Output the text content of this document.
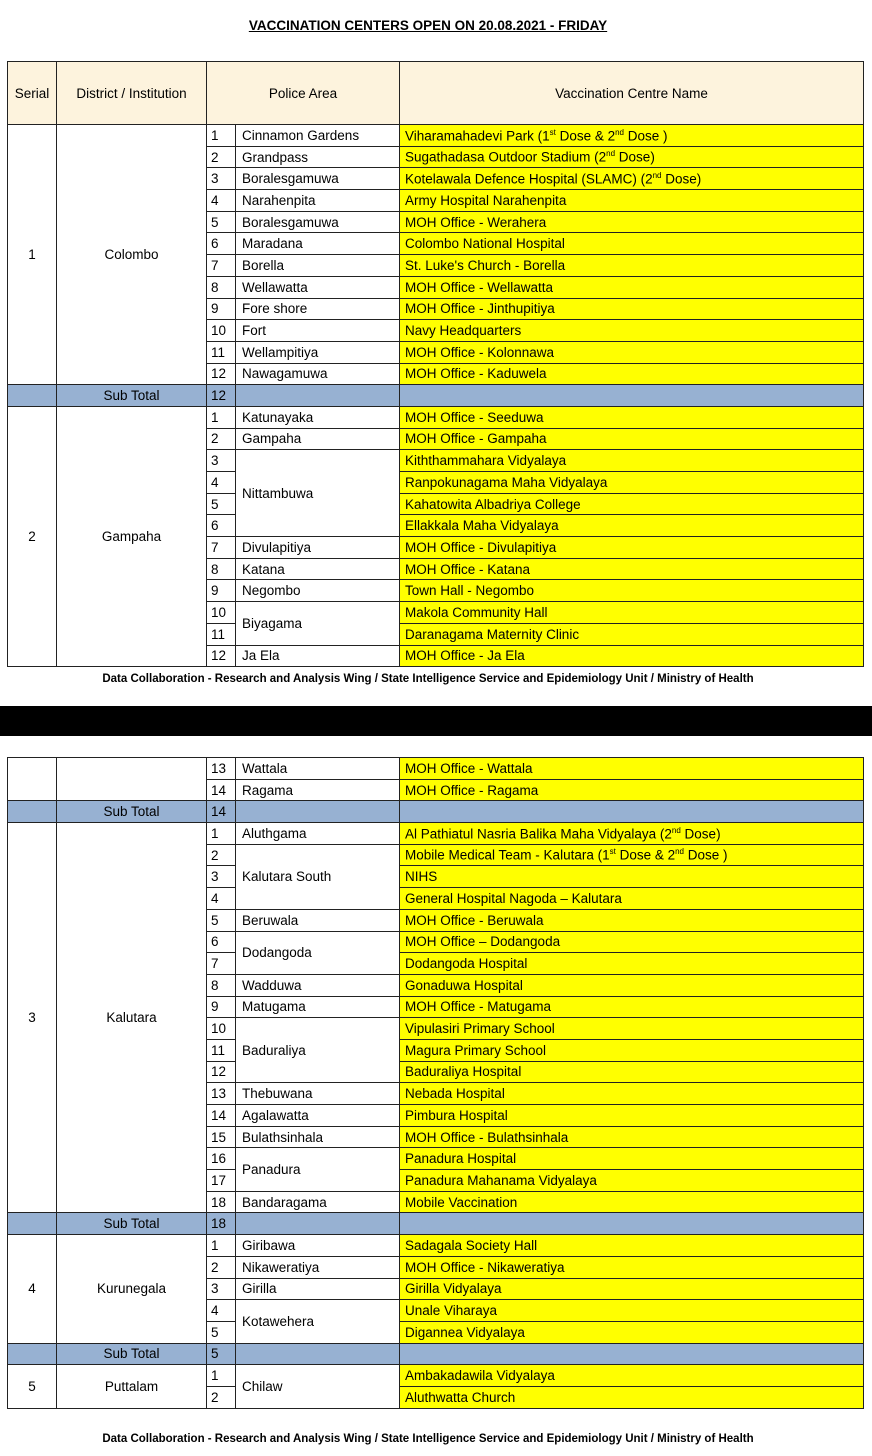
VACCINATION CENTERS OPEN ON 20.08.2021 - FRIDAY
Serial	District / Institution	Police Area		Vaccination Centre Name
1	Colombo	1	Cinnamon Gardens	Viharamahadevi Park (1st Dose & 2nd Dose )
		2	Grandpass	Sugathadasa Outdoor Stadium (2nd Dose)
		3	Boralesgamuwa	Kotelawala Defence Hospital (SLAMC) (2nd Dose)
		4	Narahenpita	Army Hospital Narahenpita
		5	Boralesgamuwa	MOH Office - Werahera
		6	Maradana	Colombo National Hospital
		7	Borella	St. Luke's Church - Borella
		8	Wellawatta	MOH Office - Wellawatta
		9	Fore shore	MOH Office - Jinthupitiya
		10	Fort	Navy Headquarters
		11	Wellampitiya	MOH Office - Kolonnawa
		12	Nawagamuwa	MOH Office - Kaduwela
	Sub Total	12		
2	Gampaha	1	Katunayaka	MOH Office - Seeduwa
		2	Gampaha	MOH Office - Gampaha
		3	Nittambuwa	Kiththammahara Vidyalaya
		4		Ranpokunagama Maha Vidyalaya
		5		Kahatowita Albadriya College
		6		Ellakkala Maha Vidyalaya
		7	Divulapitiya	MOH Office - Divulapitiya
		8	Katana	MOH Office - Katana
		9	Negombo	Town Hall - Negombo
		10	Biyagama	Makola Community Hall
		11		Daranagama Maternity Clinic
		12	Ja Ela	MOH Office - Ja Ela
Data Collaboration - Research and Analysis Wing / State Intelligence Service and Epidemiology Unit / Ministry of Health
		13	Wattala	MOH Office - Wattala
		14	Ragama	MOH Office - Ragama
	Sub Total	14		
3	Kalutara	1	Aluthgama	Al Pathiatul Nasria Balika Maha Vidyalaya (2nd Dose)
		2	Kalutara South	Mobile Medical Team - Kalutara (1st Dose & 2nd Dose )
		3		NIHS
		4		General Hospital Nagoda – Kalutara
		5	Beruwala	MOH Office - Beruwala
		6	Dodangoda	MOH Office – Dodangoda
		7		Dodangoda Hospital
		8	Wadduwa	Gonaduwa Hospital
		9	Matugama	MOH Office - Matugama
		10	Baduraliya	Vipulasiri Primary School
		11		Magura Primary School
		12		Baduraliya Hospital
		13	Thebuwana	Nebada Hospital
		14	Agalawatta	Pimbura Hospital
		15	Bulathsinhala	MOH Office - Bulathsinhala
		16	Panadura	Panadura Hospital
		17		Panadura Mahanama Vidyalaya
		18	Bandaragama	Mobile Vaccination
	Sub Total	18		
4	Kurunegala	1	Giribawa	Sadagala Society Hall
		2	Nikaweratiya	MOH Office - Nikaweratiya
		3	Girilla	Girilla Vidyalaya
		4	Kotawehera	Unale Viharaya
		5		Digannea Vidyalaya
	Sub Total	5		
5	Puttalam	1	Chilaw	Ambakadawila Vidyalaya
		2		Aluthwatta Church
Data Collaboration - Research and Analysis Wing / State Intelligence Service and Epidemiology Unit / Ministry of Health
